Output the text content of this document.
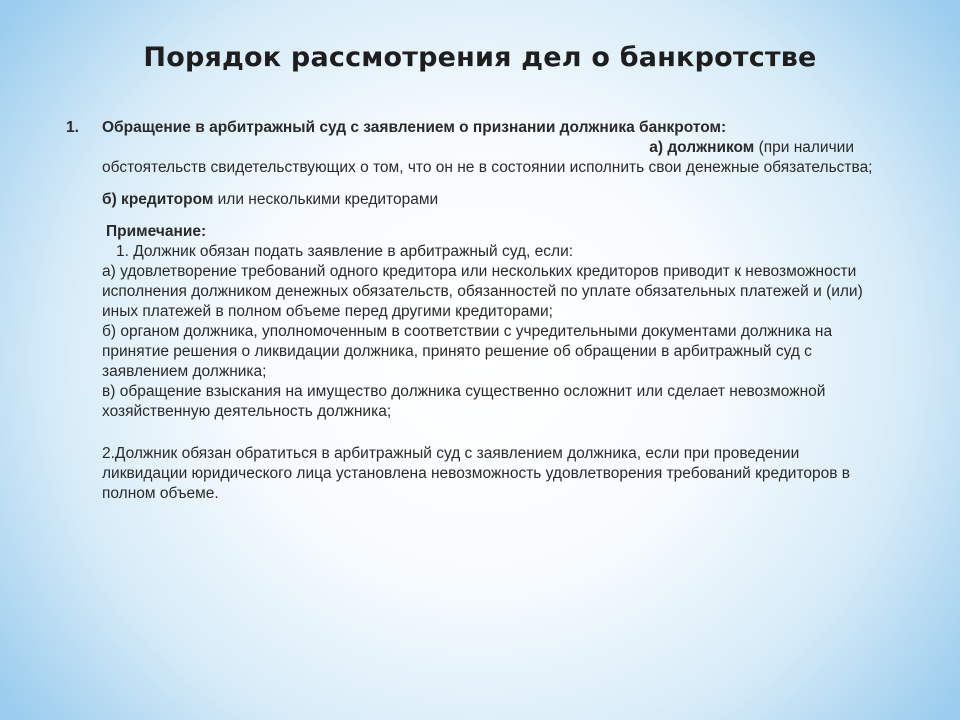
Порядок рассмотрения дел о банкротстве
1. Обращение в арбитражный суд с заявлением о признании должника банкротом:
а) должником (при наличии
обстоятельств свидетельствующих о том, что он не в состоянии исполнить свои денежные обязательства;
б) кредитором или несколькими кредиторами
Примечание:
1. Должник обязан подать заявление в арбитражный суд, если:
а) удовлетворение требований одного кредитора или нескольких кредиторов приводит к невозможности исполнения должником денежных обязательств, обязанностей по уплате обязательных платежей и (или) иных платежей в полном объеме перед другими кредиторами;
б) органом должника, уполномоченным в соответствии с учредительными документами должника на принятие решения о ликвидации должника, принято решение об обращении в арбитражный суд с заявлением должника;
в) обращение взыскания на имущество должника существенно осложнит или сделает невозможной хозяйственную деятельность должника;
2.Должник обязан обратиться в арбитражный суд с заявлением должника, если при проведении ликвидации юридического лица установлена невозможность удовлетворения требований кредиторов в полном объеме.
